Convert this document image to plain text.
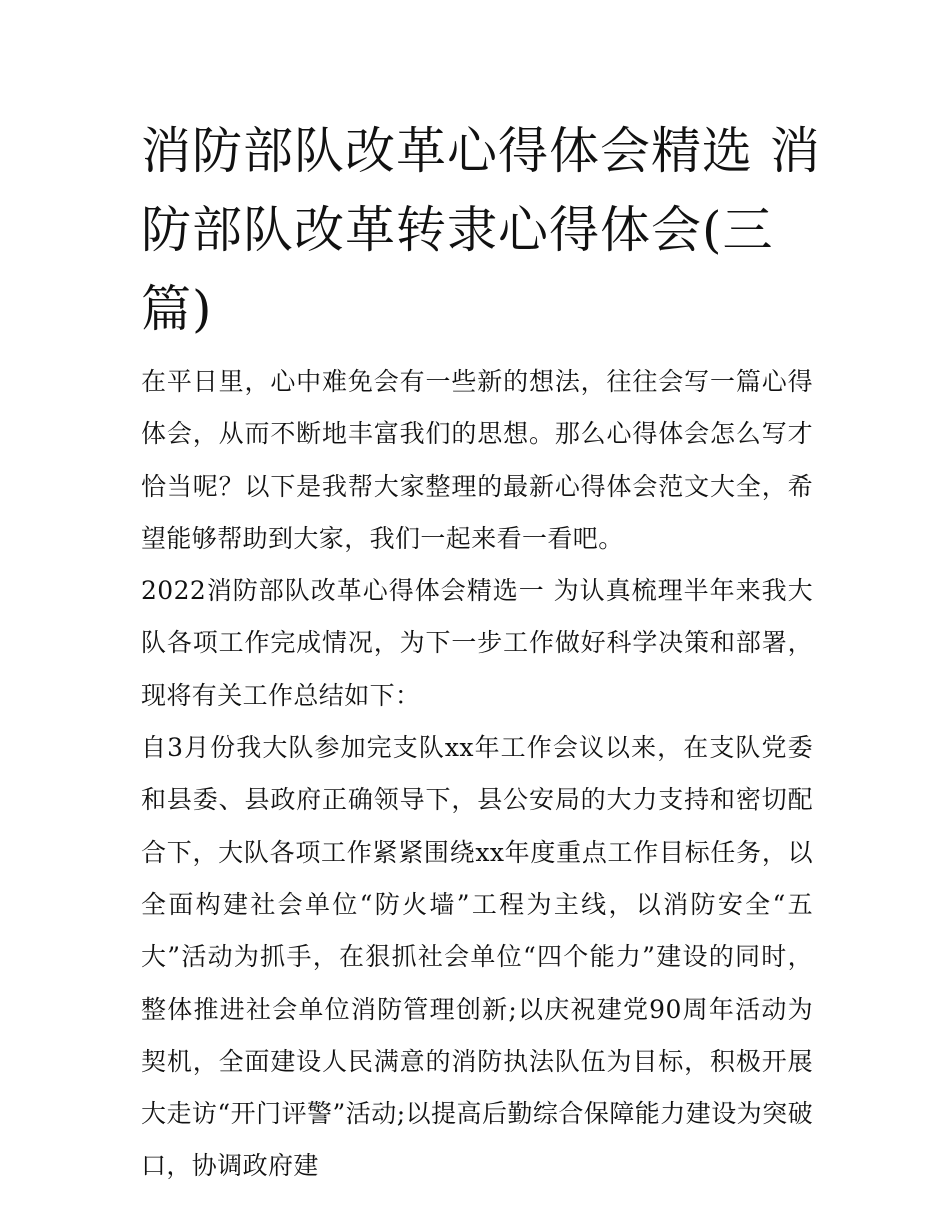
消防部队改革心得体会精选 消防部队改革转隶心得体会(三篇)

在平日里，心中难免会有一些新的想法，往往会写一篇心得体会，从而不断地丰富我们的思想。那么心得体会怎么写才恰当呢？以下是我帮大家整理的最新心得体会范文大全，希望能够帮助到大家，我们一起来看一看吧。

2022消防部队改革心得体会精选一 为认真梳理半年来我大队各项工作完成情况，为下一步工作做好科学决策和部署，现将有关工作总结如下：

自3月份我大队参加完支队xx年工作会议以来，在支队党委和县委、县政府正确领导下，县公安局的大力支持和密切配合下，大队各项工作紧紧围绕xx年度重点工作目标任务，以全面构建社会单位“防火墙”工程为主线，以消防安全“五大”活动为抓手，在狠抓社会单位“四个能力”建设的同时，整体推进社会单位消防管理创新;以庆祝建党90周年活动为契机，全面建设人民满意的消防执法队伍为目标，积极开展大走访“开门评警”活动;以提高后勤综合保障能力建设为突破口，协调政府建
